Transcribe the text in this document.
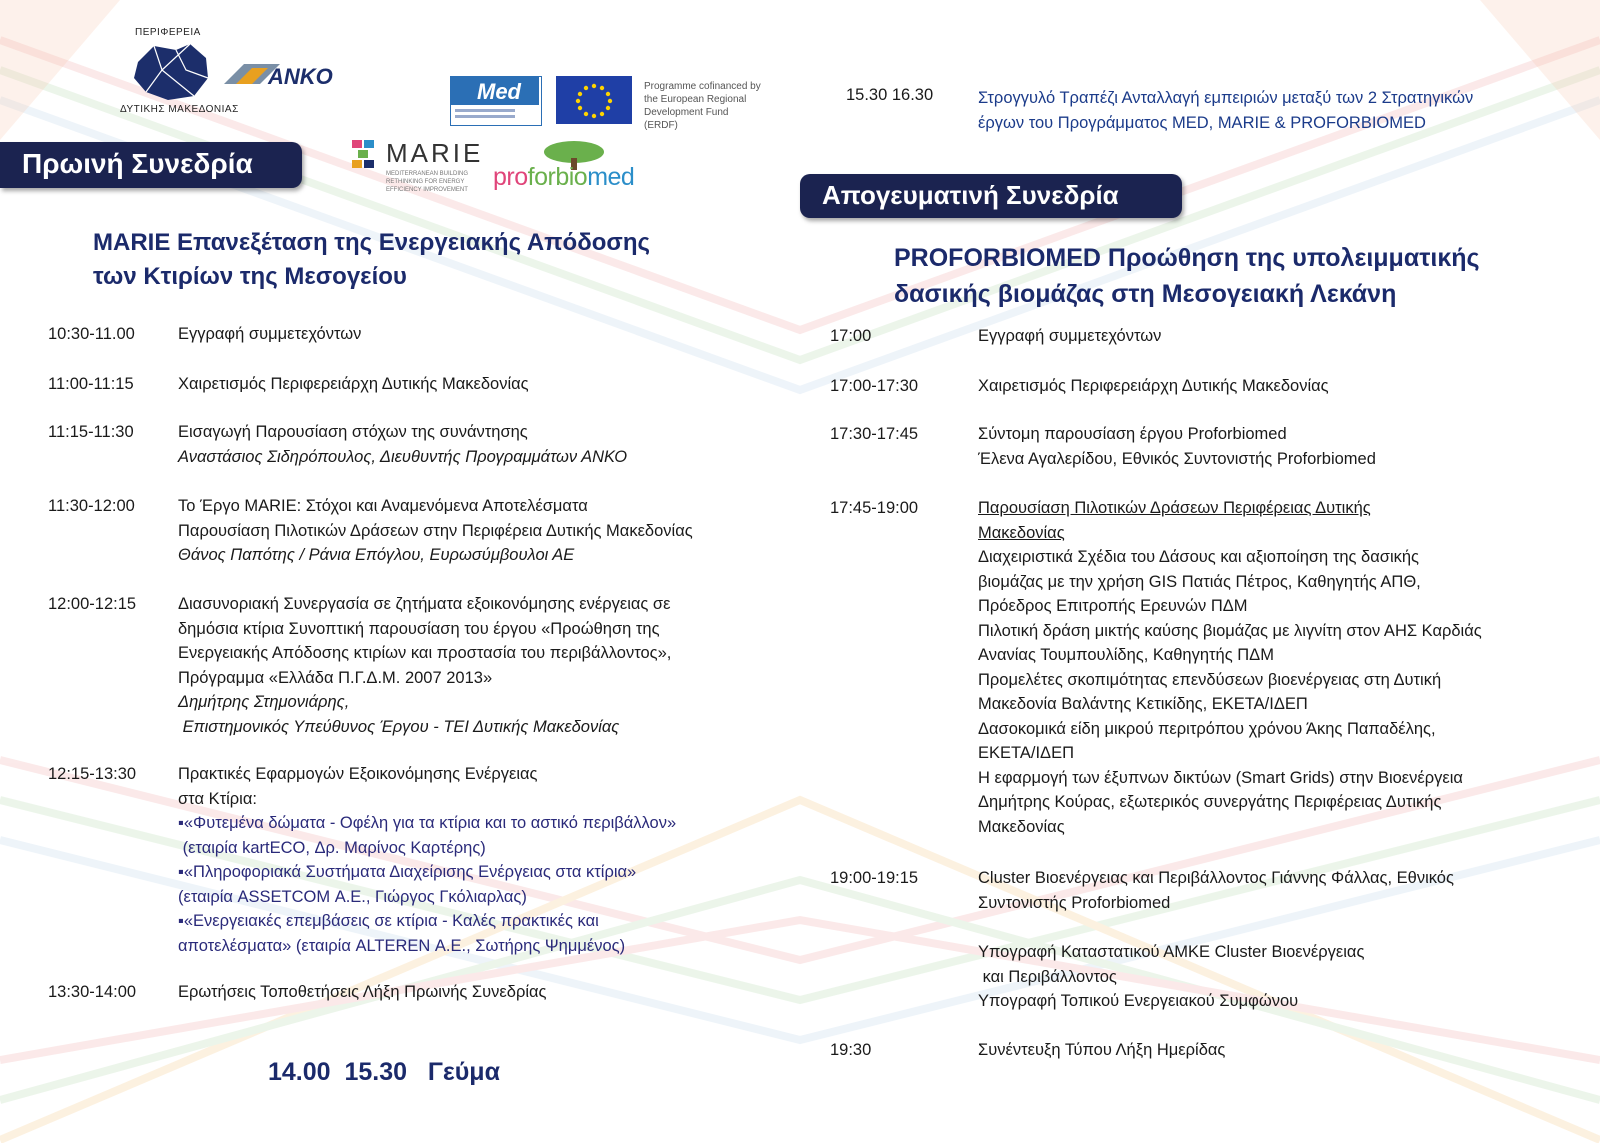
ΠΕΡΙΦΕΡΕΙΑ
ΔΥΤΙΚΗΣ ΜΑΚΕΔΟΝΙΑΣ
ANKO
Med	Programme cofinanced by the European Regional Development Fund (ERDF)
MARIE
MEDITERRANEAN BUILDING RETHINKING FOR ENERGY EFFICIENCY IMPROVEMENT	proforbiomed
15.30 16.30	Στρογγυλό Τραπέζι Ανταλλαγή εμπειριών μεταξύ των 2 Στρατηγικών
έργων του Προγράμματος MED, MARIE & PROFORBIOMED
Πρωινή Συνεδρία
MARIE Επανεξέταση της Ενεργειακής Απόδοσης
των Κτιρίων της Μεσογείου
10:30-11.00	Εγγραφή συμμετεχόντων
11:00-11:15	Χαιρετισμός Περιφερειάρχη Δυτικής Μακεδονίας
11:15-11:30	Εισαγωγή Παρουσίαση στόχων της συνάντησης
Αναστάσιος Σιδηρόπουλος, Διευθυντής Προγραμμάτων ΑΝΚΟ
11:30-12:00	Το Έργο MARIE: Στόχοι και Αναμενόμενα Αποτελέσματα
Παρουσίαση Πιλοτικών Δράσεων στην Περιφέρεια Δυτικής Μακεδονίας
Θάνος Παπότης / Ράνια Επόγλου, Ευρωσύμβουλοι ΑΕ
12:00-12:15	Διασυνοριακή Συνεργασία σε ζητήματα εξοικονόμησης ενέργειας σε
δημόσια κτίρια Συνοπτική παρουσίαση του έργου «Προώθηση της
Ενεργειακής Απόδοσης κτιρίων και προστασία του περιβάλλοντος»,
Πρόγραμμα «Ελλάδα Π.Γ.Δ.Μ. 2007 2013»
Δημήτρης Στημονιάρης,
Επιστημονικός Υπεύθυνος Έργου - ΤΕΙ Δυτικής Μακεδονίας
12:15-13:30	Πρακτικές Εφαρμογών Εξοικονόμησης Ενέργειας
στα Κτίρια:
▪«Φυτεμένα δώματα - Οφέλη για τα κτίρια και το αστικό περιβάλλον»
(εταιρία kartECO, Δρ. Μαρίνος Καρτέρης)
▪«Πληροφοριακά Συστήματα Διαχείρισης Ενέργειας στα κτίρια»
(εταιρία ASSETCOM Α.Ε., Γιώργος Γκόλιαρλας)
▪«Ενεργειακές επεμβάσεις σε κτίρια - Καλές πρακτικές και
αποτελέσματα» (εταιρία ALTEREN Α.Ε., Σωτήρης Ψημμένος)
13:30-14:00	Ερωτήσεις Τοποθετήσεις Λήξη Πρωινής Συνεδρίας
14.00  15.30   Γεύμα
Απογευματινή Συνεδρία
PROFORBIOMED Προώθηση της υπολειμματικής
δασικής βιομάζας στη Μεσογειακή Λεκάνη
17:00	Εγγραφή συμμετεχόντων
17:00-17:30	Χαιρετισμός Περιφερειάρχη Δυτικής Μακεδονίας
17:30-17:45	Σύντομη παρουσίαση έργου Proforbiomed
Έλενα Αγαλερίδου, Εθνικός Συντονιστής Proforbiomed
17:45-19:00	Παρουσίαση Πιλοτικών Δράσεων Περιφέρειας Δυτικής
Μακεδονίας
Διαχειριστικά Σχέδια του Δάσους και αξιοποίηση της δασικής
βιομάζας με την χρήση GIS Πατιάς Πέτρος, Καθηγητής ΑΠΘ,
Πρόεδρος Επιτροπής Ερευνών ΠΔΜ
Πιλοτική δράση μικτής καύσης βιομάζας με λιγνίτη στον ΑΗΣ Καρδιάς
Ανανίας Τουμπουλίδης, Καθηγητής ΠΔΜ
Προμελέτες σκοπιμότητας επενδύσεων βιοενέργειας στη Δυτική
Μακεδονία Βαλάντης Κετικίδης, ΕΚΕΤΑ/ΙΔΕΠ
Δασοκομικά είδη μικρού περιτρόπου χρόνου Άκης Παπαδέλης,
ΕΚΕΤΑ/ΙΔΕΠ
Η εφαρμογή των έξυπνων δικτύων (Smart Grids) στην Βιοενέργεια
Δημήτρης Κούρας, εξωτερικός συνεργάτης Περιφέρειας Δυτικής
Μακεδονίας
19:00-19:15	Cluster Βιοενέργειας και Περιβάλλοντος Γιάννης Φάλλας, Εθνικός
Συντονιστής Proforbiomed
Υπογραφή Καταστατικού ΑΜΚΕ Cluster Βιοενέργειας
και Περιβάλλοντος
Υπογραφή Τοπικού Ενεργειακού Συμφώνου
19:30	Συνέντευξη Τύπου Λήξη Ημερίδας
